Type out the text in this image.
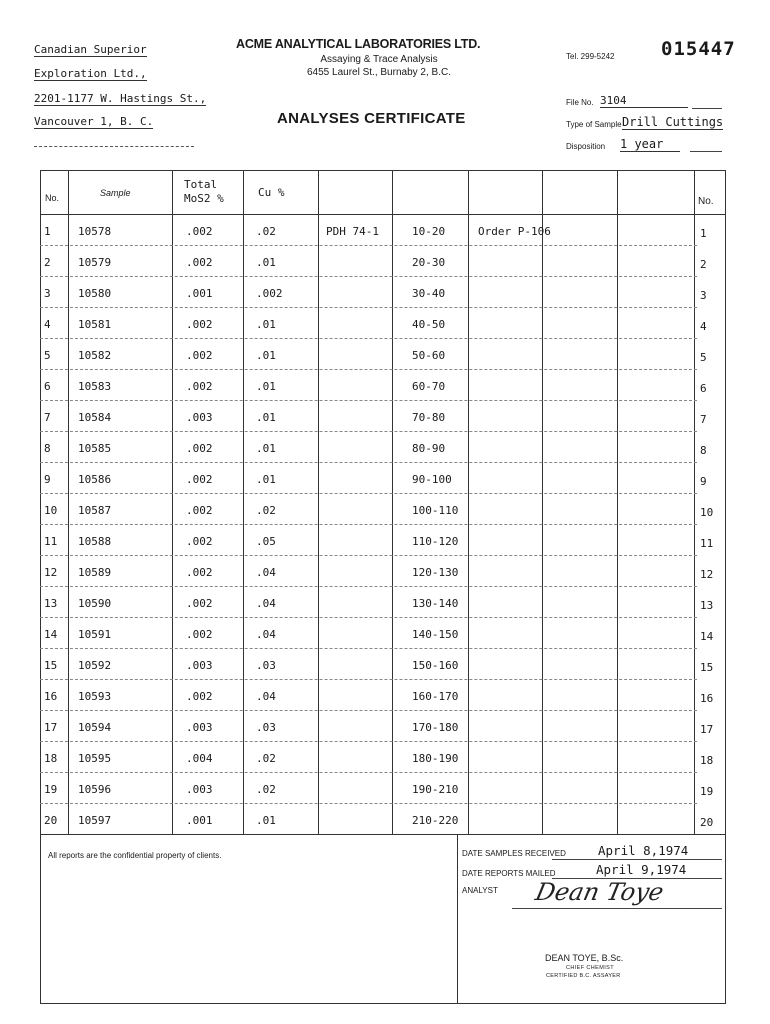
Canadian Superior
Exploration Ltd.,
2201-1177 W. Hastings St.,
Vancouver 1, B. C.
ACME ANALYTICAL LABORATORIES LTD.
Assaying & Trace Analysis
6455 Laurel St., Burnaby 2, B.C.
ANALYSES CERTIFICATE
Tel. 299-5242 015447
File No. 3104
Type of Sample Drill Cuttings
Disposition 1 year
No.	Sample
Total
MoS2 %	Cu %
No.
1 10578	.002	.02	PDH 74-1	10-20	Order P-106	1
2 10579	.002	.01	20-30	2
3 10580	.001	.002	30-40	3
4 10581	.002	.01	40-50	4
5 10582	.002	.01	50-60	5
6 10583	.002	.01	60-70	6
7 10584	.003	.01	70-80	7
8 10585	.002	.01	80-90	8
9 10586	.002	.01	90-100	9
10 10587	.002	.02	100-110	10
11 10588	.002	.05	110-120	11
12 10589	.002	.04	120-130	12
13 10590	.002	.04	130-140	13
14 10591	.002	.04	140-150	14
15 10592	.003	.03	150-160	15
16 10593	.002	.04	160-170	16
17 10594	.003	.03	170-180	17
18 10595	.004	.02	180-190	18
19 10596	.003	.02	190-210	19
20 10597	.001	.01	210-220	20
All reports are the confidential property of clients.	DATE SAMPLES RECEIVED	April 8,1974
DATE REPORTS MAILED	April 9,1974
ANALYST Dean Toye
DEAN TOYE, B.Sc.
CHIEF CHEMIST
CERTIFIED B.C. ASSAYER
